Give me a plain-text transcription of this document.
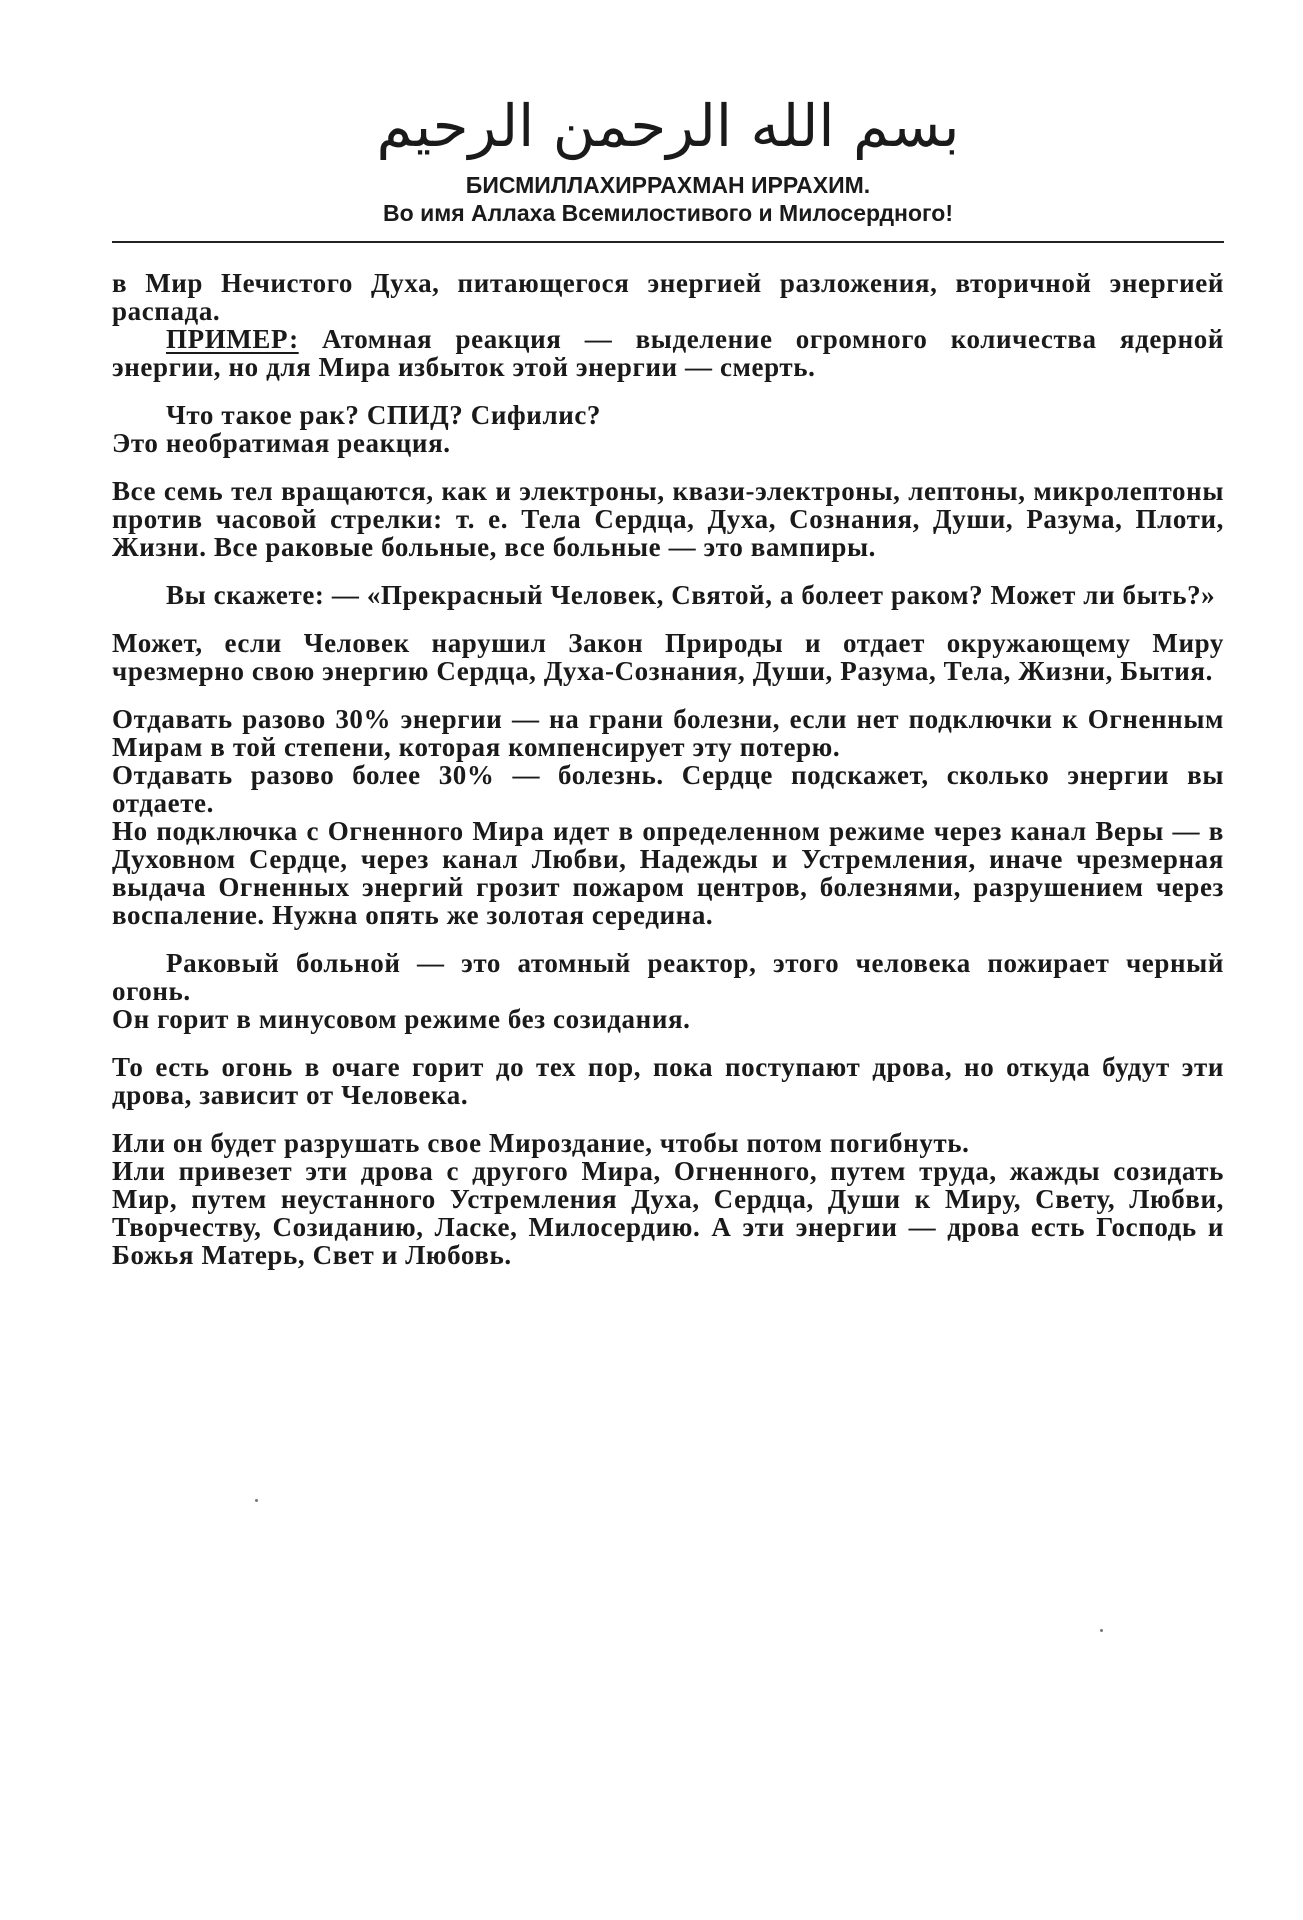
بسم الله الرحمن الرحيم

БИСМИЛЛАХИРРАХМАН ИРРАХИМ.

Во имя Аллаха Всемилостивого и Милосердного!

в Мир Нечистого Духа, питающегося энергией разложения, вторичной энергией распада.

ПРИМЕР: Атомная реакция — выделение огромного количества ядерной энергии, но для Мира избыток этой энергии — смерть.

Что такое рак? СПИД? Сифилис?

Это необратимая реакция.

Все семь тел вращаются, как и электроны, квази-электроны, лептоны, микролептоны против часовой стрелки: т. е. Тела Сердца, Духа, Сознания, Души, Разума, Плоти, Жизни. Все раковые больные, все больные — это вампиры.

Вы скажете: — «Прекрасный Человек, Святой, а болеет раком? Может ли быть?»

Может, если Человек нарушил Закон Природы и отдает окружающему Миру чрезмерно свою энергию Сердца, Духа-Сознания, Души, Разума, Тела, Жизни, Бытия.

Отдавать разово 30% энергии — на грани болезни, если нет подключки к Огненным Мирам в той степени, которая компенсирует эту потерю.

Отдавать разово более 30% — болезнь. Сердце подскажет, сколько энергии вы отдаете.

Но подключка с Огненного Мира идет в определенном режиме через канал Веры — в Духовном Сердце, через канал Любви, Надежды и Устремления, иначе чрезмерная выдача Огненных энергий грозит пожаром центров, болезнями, разрушением через воспаление. Нужна опять же золотая середина.

Раковый больной — это атомный реактор, этого человека пожирает черный огонь.

Он горит в минусовом режиме без созидания.

То есть огонь в очаге горит до тех пор, пока поступают дрова, но откуда будут эти дрова, зависит от Человека.

Или он будет разрушать свое Мироздание, чтобы потом погибнуть.

Или привезет эти дрова с другого Мира, Огненного, путем труда, жажды созидать Мир, путем неустанного Устремления Духа, Сердца, Души к Миру, Свету, Любви, Творчеству, Созиданию, Ласке, Милосердию. А эти энергии — дрова есть Господь и Божья Матерь, Свет и Любовь.
